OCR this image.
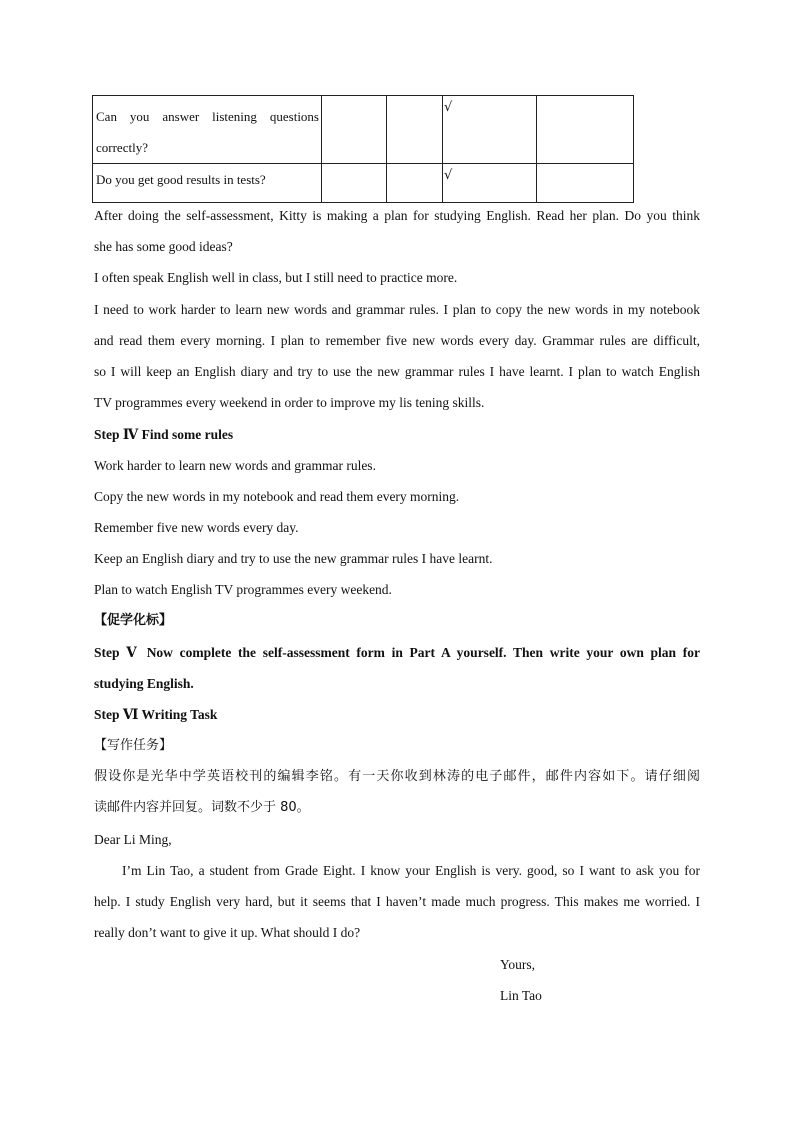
Can you answer listening questions correctly?			√	

Do you get good results in tests?			√	

After doing the self-assessment, Kitty is making a plan for studying English. Read her plan. Do you think
she has some good ideas?
I often speak English well in class, but I still need to practice more.
I need to work harder to learn new words and grammar rules. I plan to copy the new words in my notebook
and read them every morning. I plan to remember five new words every day. Grammar rules are difficult,
so I will keep an English diary and try to use the new grammar rules I have learnt. I plan to watch English
TV programmes every weekend in order to improve my lis tening skills.
Step Ⅳ Find some rules
Work harder to learn new words and grammar rules.
Copy the new words in my notebook and read them every morning.
Remember five new words every day.
Keep an English diary and try to use the new grammar rules I have learnt.
Plan to watch English TV programmes every weekend.
【促学化标】
Step Ⅴ Now complete the self-assessment form in Part A yourself. Then write your own plan for
studying English.
Step Ⅵ Writing Task
【写作任务】
假设你是光华中学英语校刊的编辑李铭。有一天你收到林涛的电子邮件，邮件内容如下。请仔细阅
读邮件内容并回复。词数不少于 80。
Dear Li Ming,
I’m Lin Tao, a student from Grade Eight. I know your English is very. good, so I want to ask you for
help. I study English very hard, but it seems that I haven’t made much progress. This makes me worried. I
really don’t want to give it up. What should I do?
Yours,
Lin Tao
